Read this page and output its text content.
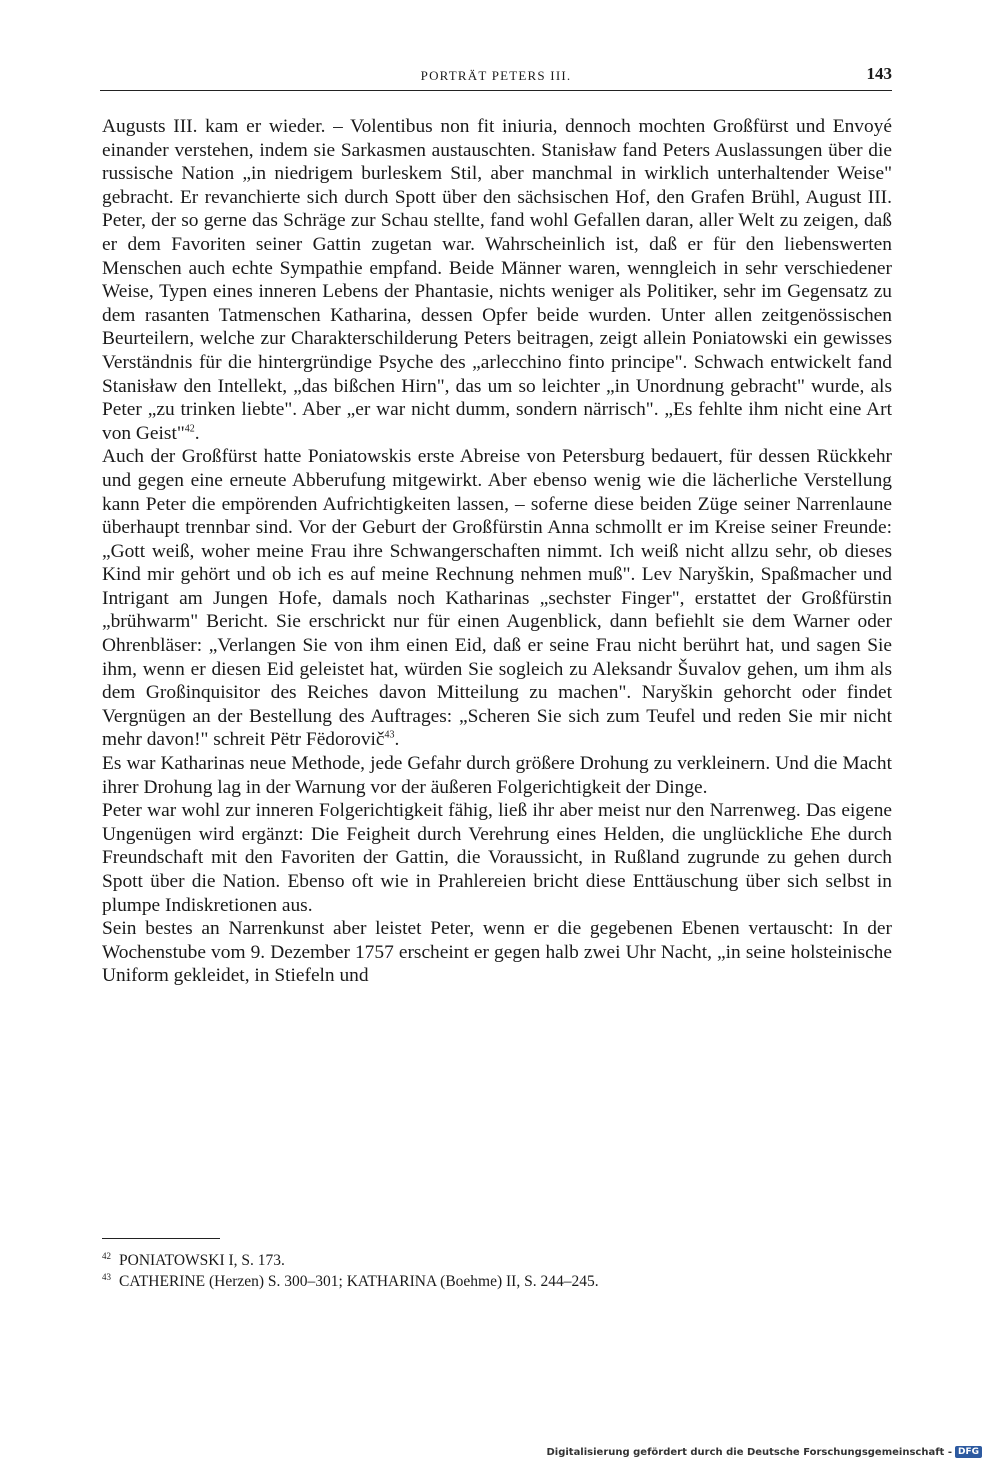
PORTRÄT PETERS III.	143

Augusts III. kam er wieder. – Volentibus non fit iniuria, dennoch mochten Großfürst und Envoyé einander verstehen, indem sie Sarkasmen austauschten. Stanisław fand Peters Auslassungen über die russische Nation „in niedrigem burleskem Stil, aber manchmal in wirklich unterhaltender Weise" gebracht. Er revanchierte sich durch Spott über den sächsischen Hof, den Grafen Brühl, August III. Peter, der so gerne das Schräge zur Schau stellte, fand wohl Gefallen daran, aller Welt zu zeigen, daß er dem Favoriten seiner Gattin zugetan war. Wahrscheinlich ist, daß er für den liebenswerten Menschen auch echte Sympathie empfand. Beide Männer waren, wenngleich in sehr verschiedener Weise, Typen eines inneren Lebens der Phantasie, nichts weniger als Politiker, sehr im Gegensatz zu dem rasanten Tatmenschen Katharina, dessen Opfer beide wurden. Unter allen zeitgenössischen Beurteilern, welche zur Charakterschilderung Peters beitragen, zeigt allein Poniatowski ein gewisses Verständnis für die hintergründige Psyche des „arlecchino finto principe". Schwach entwickelt fand Stanisław den Intellekt, „das bißchen Hirn", das um so leichter „in Unordnung gebracht" wurde, als Peter „zu trinken liebte". Aber „er war nicht dumm, sondern närrisch". „Es fehlte ihm nicht eine Art von Geist"$^{42}$.

Auch der Großfürst hatte Poniatowskis erste Abreise von Petersburg bedauert, für dessen Rückkehr und gegen eine erneute Abberufung mitgewirkt. Aber ebenso wenig wie die lächerliche Verstellung kann Peter die empörenden Aufrichtigkeiten lassen, – soferne diese beiden Züge seiner Narrenlaune überhaupt trennbar sind. Vor der Geburt der Großfürstin Anna schmollt er im Kreise seiner Freunde: „Gott weiß, woher meine Frau ihre Schwangerschaften nimmt. Ich weiß nicht allzu sehr, ob dieses Kind mir gehört und ob ich es auf meine Rechnung nehmen muß". Lev Naryškin, Spaßmacher und Intrigant am Jungen Hofe, damals noch Katharinas „sechster Finger", erstattet der Großfürstin „brühwarm" Bericht. Sie erschrickt nur für einen Augenblick, dann befiehlt sie dem Warner oder Ohrenbläser: „Verlangen Sie von ihm einen Eid, daß er seine Frau nicht berührt hat, und sagen Sie ihm, wenn er diesen Eid geleistet hat, würden Sie sogleich zu Aleksandr Šuvalov gehen, um ihm als dem Großinquisitor des Reiches davon Mitteilung zu machen". Naryškin gehorcht oder findet Vergnügen an der Bestellung des Auftrages: „Scheren Sie sich zum Teufel und reden Sie mir nicht mehr davon!" schreit Pëtr Fëdorovič$^{43}$.

Es war Katharinas neue Methode, jede Gefahr durch größere Drohung zu verkleinern. Und die Macht ihrer Drohung lag in der Warnung vor der äußeren Folgerichtigkeit der Dinge.

Peter war wohl zur inneren Folgerichtigkeit fähig, ließ ihr aber meist nur den Narrenweg. Das eigene Ungenügen wird ergänzt: Die Feigheit durch Verehrung eines Helden, die unglückliche Ehe durch Freundschaft mit den Favoriten der Gattin, die Voraussicht, in Rußland zugrunde zu gehen durch Spott über die Nation. Ebenso oft wie in Prahlereien bricht diese Enttäuschung über sich selbst in plumpe Indiskretionen aus.

Sein bestes an Narrenkunst aber leistet Peter, wenn er die gegebenen Ebenen vertauscht: In der Wochenstube vom 9. Dezember 1757 erscheint er gegen halb zwei Uhr Nacht, „in seine holsteinische Uniform gekleidet, in Stiefeln und

$^{42}$ PONIATOWSKI I, S. 173.

$^{43}$ CATHERINE (Herzen) S. 300–301; KATHARINA (Boehme) II, S. 244–245.

Digitalisierung gefördert durch die Deutsche Forschungsgemeinschaft - DFG
